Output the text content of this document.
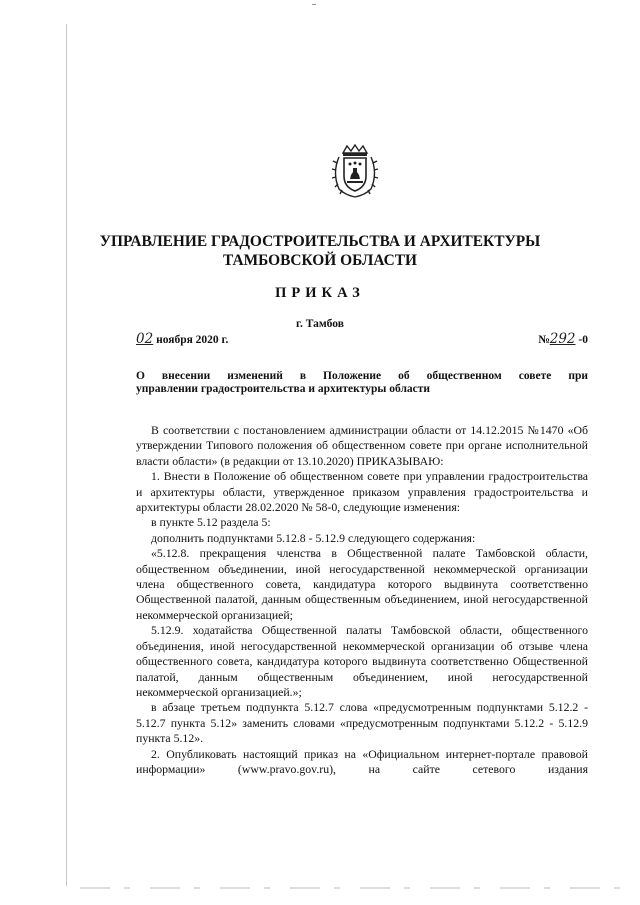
УПРАВЛЕНИЕ ГРАДОСТРОИТЕЛЬСТВА И АРХИТЕКТУРЫ
ТАМБОВСКОЙ ОБЛАСТИ
ПРИКАЗ
г. Тамбов
02 ноября 2020 г.	№292 -0
О внесении изменений в Положение об общественном совете при
управлении градостроительства и архитектуры области

В соответствии с постановлением администрации области от 14.12.2015 №1470 «Об утверждении Типового положения об общественном совете при органе исполнительной власти области» (в редакции от 13.10.2020) ПРИКАЗЫВАЮ:

1. Внести в Положение об общественном совете при управлении градостроительства и архитектуры области, утвержденное приказом управления градостроительства и архитектуры области 28.02.2020 № 58-0, следующие изменения:

в пункте 5.12 раздела 5:

дополнить подпунктами 5.12.8 - 5.12.9 следующего содержания:

«5.12.8. прекращения членства в Общественной палате Тамбовской области, общественном объединении, иной негосударственной некоммерческой организации члена общественного совета, кандидатура которого выдвинута соответственно Общественной палатой, данным общественным объединением, иной негосударственной некоммерческой организацией;

5.12.9. ходатайства Общественной палаты Тамбовской области, общественного объединения, иной негосударственной некоммерческой организации об отзыве члена общественного совета, кандидатура которого выдвинута соответственно Общественной палатой, данным общественным объединением, иной негосударственной некоммерческой организацией.»;

в абзаце третьем подпункта 5.12.7 слова «предусмотренным подпунктами 5.12.2 - 5.12.7 пункта 5.12» заменить словами «предусмотренным подпунктами 5.12.2 - 5.12.9 пункта 5.12».

2. Опубликовать настоящий приказ на «Официальном интернет-портале правовой информации» (www.pravo.gov.ru), на сайте сетевого издания
